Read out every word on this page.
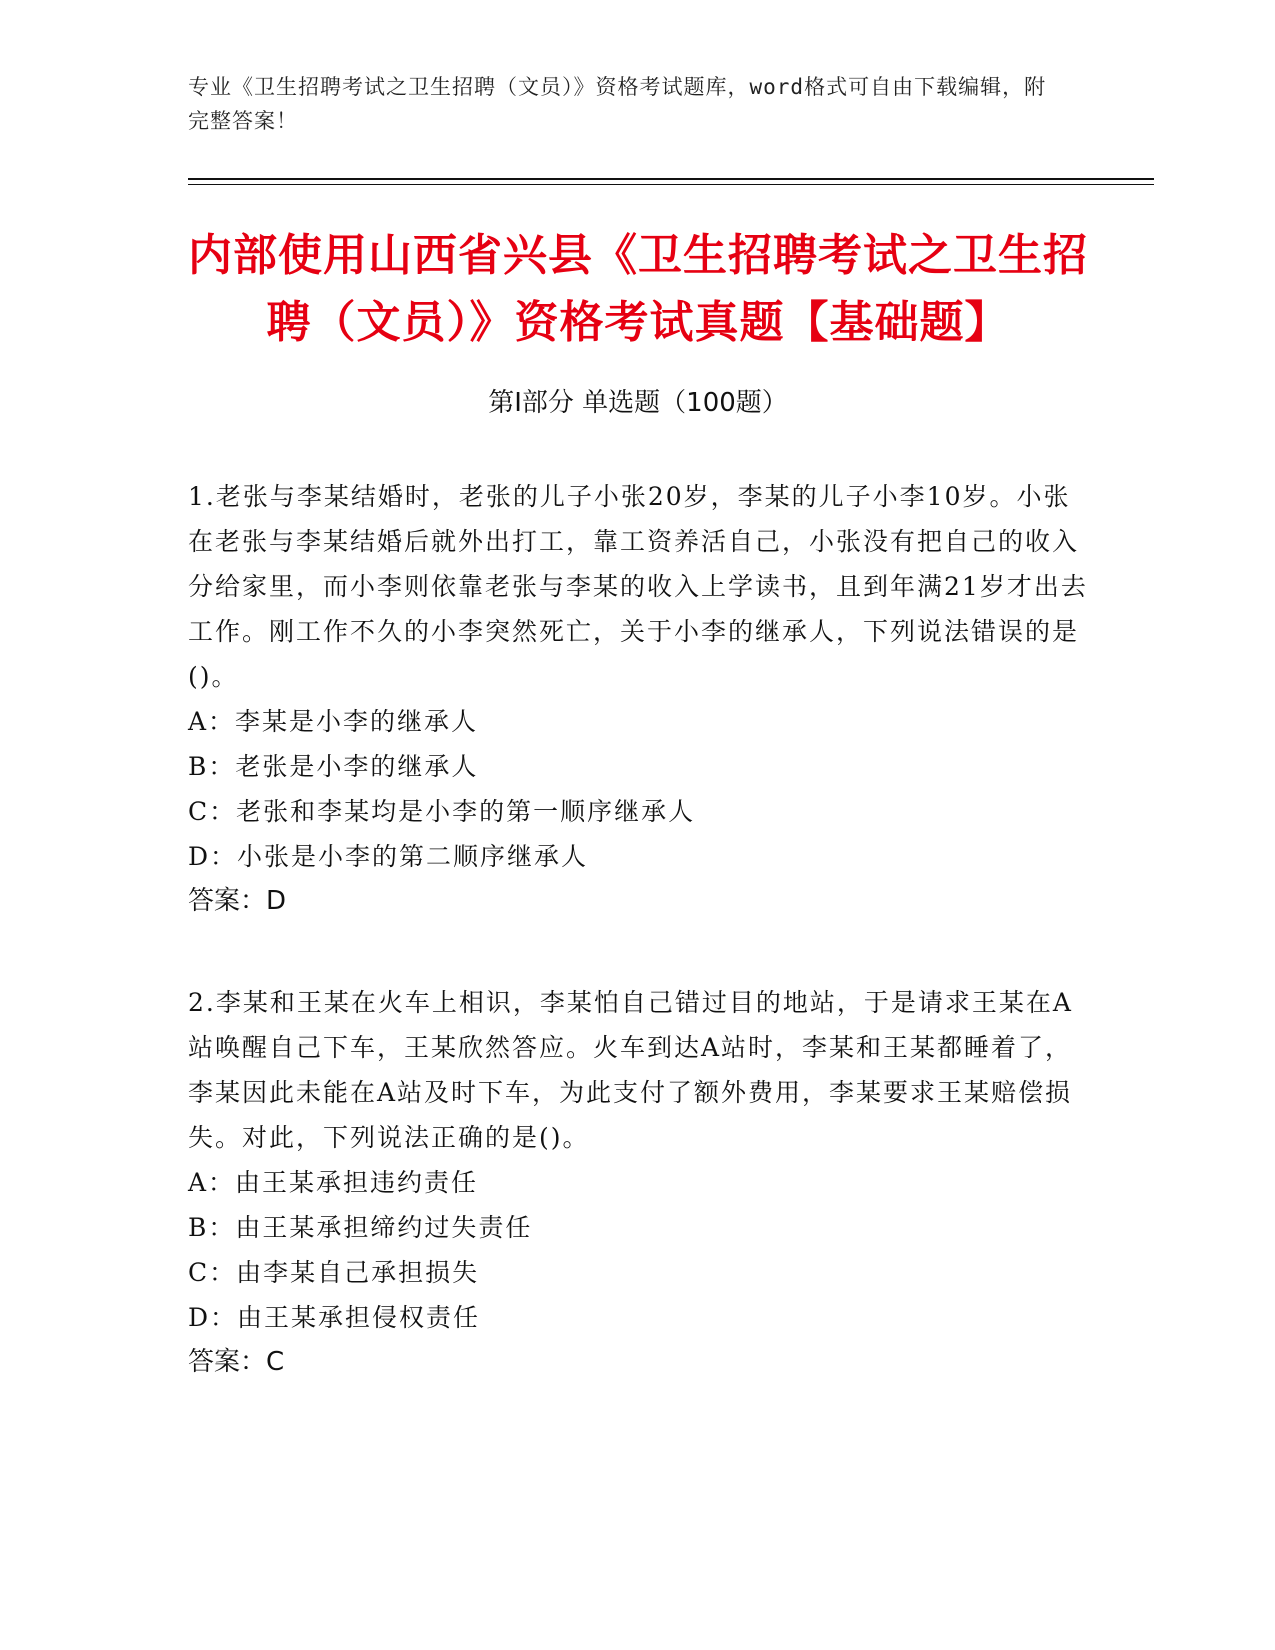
专业《卫生招聘考试之卫生招聘（文员）》资格考试题库，word格式可自由下载编辑，附完整答案！
内部使用山西省兴县《卫生招聘考试之卫生招聘（文员）》资格考试真题【基础题】
第Ⅰ部分 单选题（100题）

1.老张与李某结婚时，老张的儿子小张20岁，李某的儿子小李10岁。小张在老张与李某结婚后就外出打工，靠工资养活自己，小张没有把自己的收入分给家里，而小李则依靠老张与李某的收入上学读书，且到年满21岁才出去工作。刚工作不久的小李突然死亡，关于小李的继承人，下列说法错误的是()。

A：李某是小李的继承人

B：老张是小李的继承人

C：老张和李某均是小李的第一顺序继承人

D：小张是小李的第二顺序继承人

答案：D

2.李某和王某在火车上相识，李某怕自己错过目的地站，于是请求王某在A站唤醒自己下车，王某欣然答应。火车到达A站时，李某和王某都睡着了，李某因此未能在A站及时下车，为此支付了额外费用，李某要求王某赔偿损失。对此，下列说法正确的是()。

A：由王某承担违约责任

B：由王某承担缔约过失责任

C：由李某自己承担损失

D：由王某承担侵权责任

答案：C
